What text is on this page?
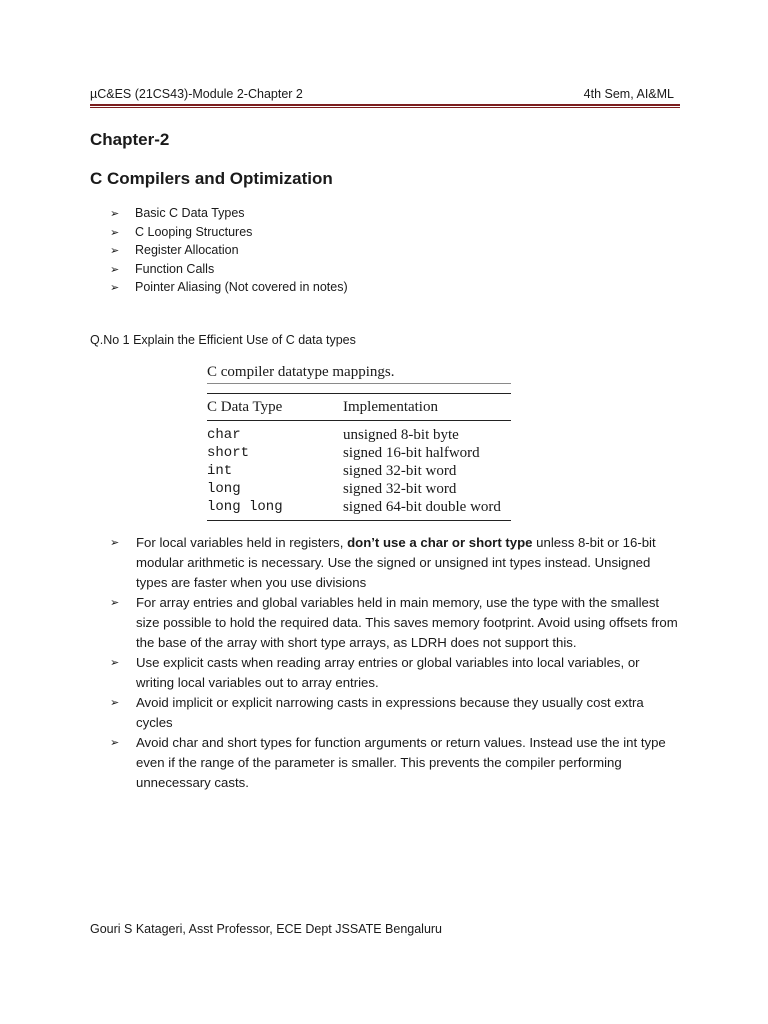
µC&ES (21CS43)-Module 2-Chapter 2	4th Sem, AI&ML
Chapter-2
C Compilers and Optimization
➢ Basic C Data Types
➢ C Looping Structures
➢ Register Allocation
➢ Function Calls
➢ Pointer Aliasing (Not covered in notes)
Q.No 1 Explain the Efficient Use of C data types
C compiler datatype mappings.
C Data Type	Implementation
char	unsigned 8-bit byte
short	signed 16-bit halfword
int	signed 32-bit word
long	signed 32-bit word
long long	signed 64-bit double word
➢	For local variables held in registers, don’t use a char or short type unless 8-bit or 16-bit modular arithmetic is necessary. Use the signed or unsigned int types instead. Unsigned types are faster when you use divisions
➢	For array entries and global variables held in main memory, use the type with the smallest size possible to hold the required data. This saves memory footprint. Avoid using offsets from the base of the array with short type arrays, as LDRH does not support this.
➢	Use explicit casts when reading array entries or global variables into local variables, or writing local variables out to array entries.
➢	Avoid implicit or explicit narrowing casts in expressions because they usually cost extra cycles
➢	Avoid char and short types for function arguments or return values. Instead use the int type even if the range of the parameter is smaller. This prevents the compiler performing unnecessary casts.
Gouri S Katageri, Asst Professor, ECE Dept JSSATE Bengaluru
